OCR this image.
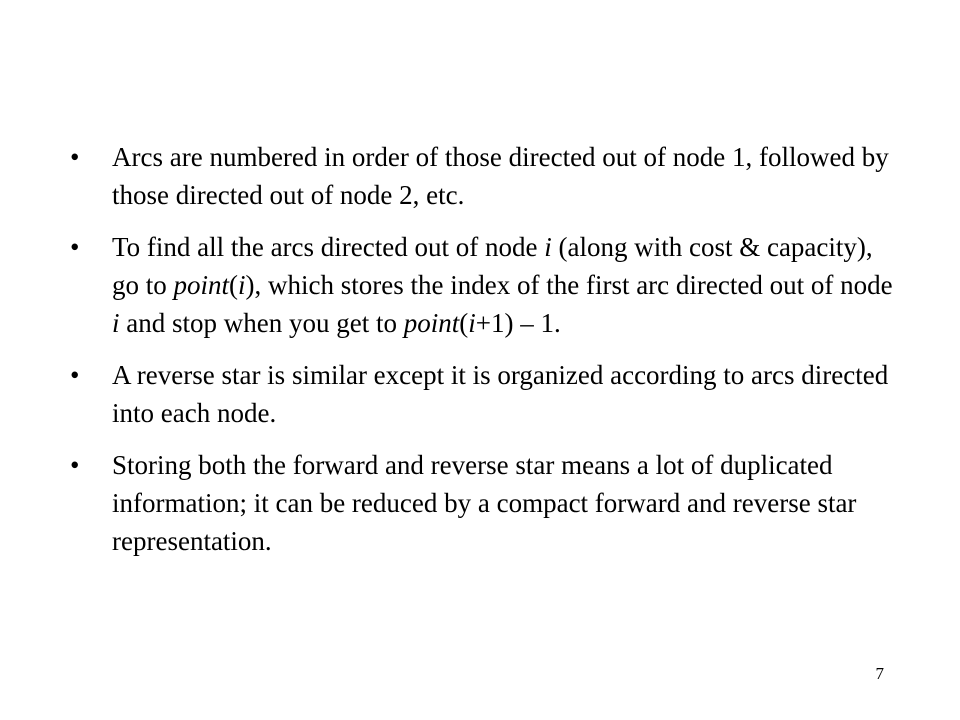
•	Arcs are numbered in order of those directed out of node 1, followed by those directed out of node 2, etc.
•	To find all the arcs directed out of node i (along with cost & capacity), go to point(i), which stores the index of the first arc directed out of node i and stop when you get to point(i+1) – 1.
•	A reverse star is similar except it is organized according to arcs directed into each node.
•	Storing both the forward and reverse star means a lot of duplicated information; it can be reduced by a compact forward and reverse star representation.
7
